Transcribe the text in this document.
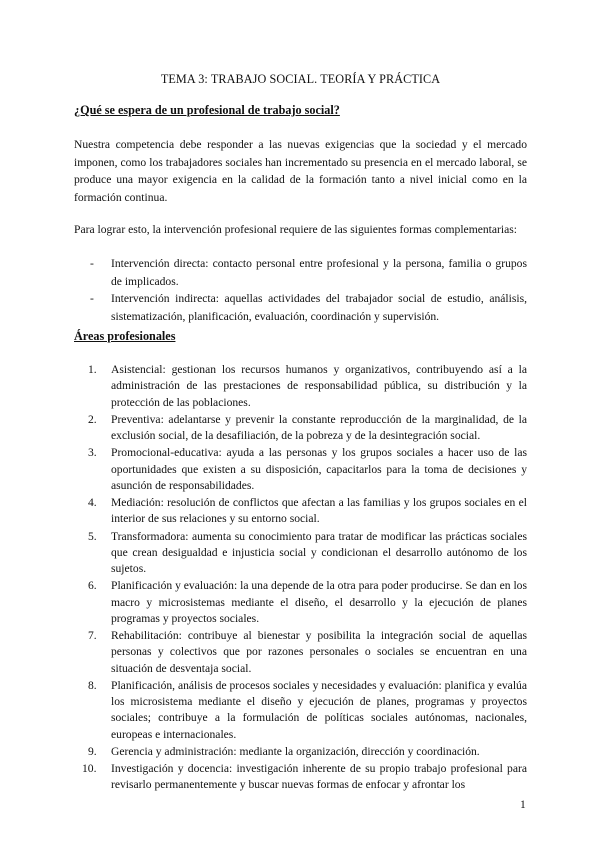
TEMA 3: TRABAJO SOCIAL. TEORÍA Y PRÁCTICA
¿Qué se espera de un profesional de trabajo social?
Nuestra competencia debe responder a las nuevas exigencias que la sociedad y el mercado imponen, como los trabajadores sociales han incrementado su presencia en el mercado laboral, se produce una mayor exigencia en la calidad de la formación tanto a nivel inicial como en la formación continua.
Para lograr esto, la intervención profesional requiere de las siguientes formas complementarias:
- Intervención directa: contacto personal entre profesional y la persona, familia o grupos de implicados.
- Intervención indirecta: aquellas actividades del trabajador social de estudio, análisis, sistematización, planificación, evaluación, coordinación y supervisión.
Áreas profesionales
1.	Asistencial: gestionan los recursos humanos y organizativos, contribuyendo así a la administración de las prestaciones de responsabilidad pública, su distribución y la protección de las poblaciones.
2.	Preventiva: adelantarse y prevenir la constante reproducción de la marginalidad, de la exclusión social, de la desafiliación, de la pobreza y de la desintegración social.
3.	Promocional-educativa: ayuda a las personas y los grupos sociales a hacer uso de las oportunidades que existen a su disposición, capacitarlos para la toma de decisiones y asunción de responsabilidades.
4.	Mediación: resolución de conflictos que afectan a las familias y los grupos sociales en el interior de sus relaciones y su entorno social.
5.	Transformadora: aumenta su conocimiento para tratar de modificar las prácticas sociales que crean desigualdad e injusticia social y condicionan el desarrollo autónomo de los sujetos.
6.	Planificación y evaluación: la una depende de la otra para poder producirse. Se dan en los macro y microsistemas mediante el diseño, el desarrollo y la ejecución de planes programas y proyectos sociales.
7.	Rehabilitación: contribuye al bienestar y posibilita la integración social de aquellas personas y colectivos que por razones personales o sociales se encuentran en una situación de desventaja social.
8.	Planificación, análisis de procesos sociales y necesidades y evaluación: planifica y evalúa los microsistema mediante el diseño y ejecución de planes, programas y proyectos sociales; contribuye a la formulación de políticas sociales autónomas, nacionales, europeas e internacionales.
9.	Gerencia y administración: mediante la organización, dirección y coordinación.
10.	Investigación y docencia: investigación inherente de su propio trabajo profesional para revisarlo permanentemente y buscar nuevas formas de enfocar y afrontar los
1
